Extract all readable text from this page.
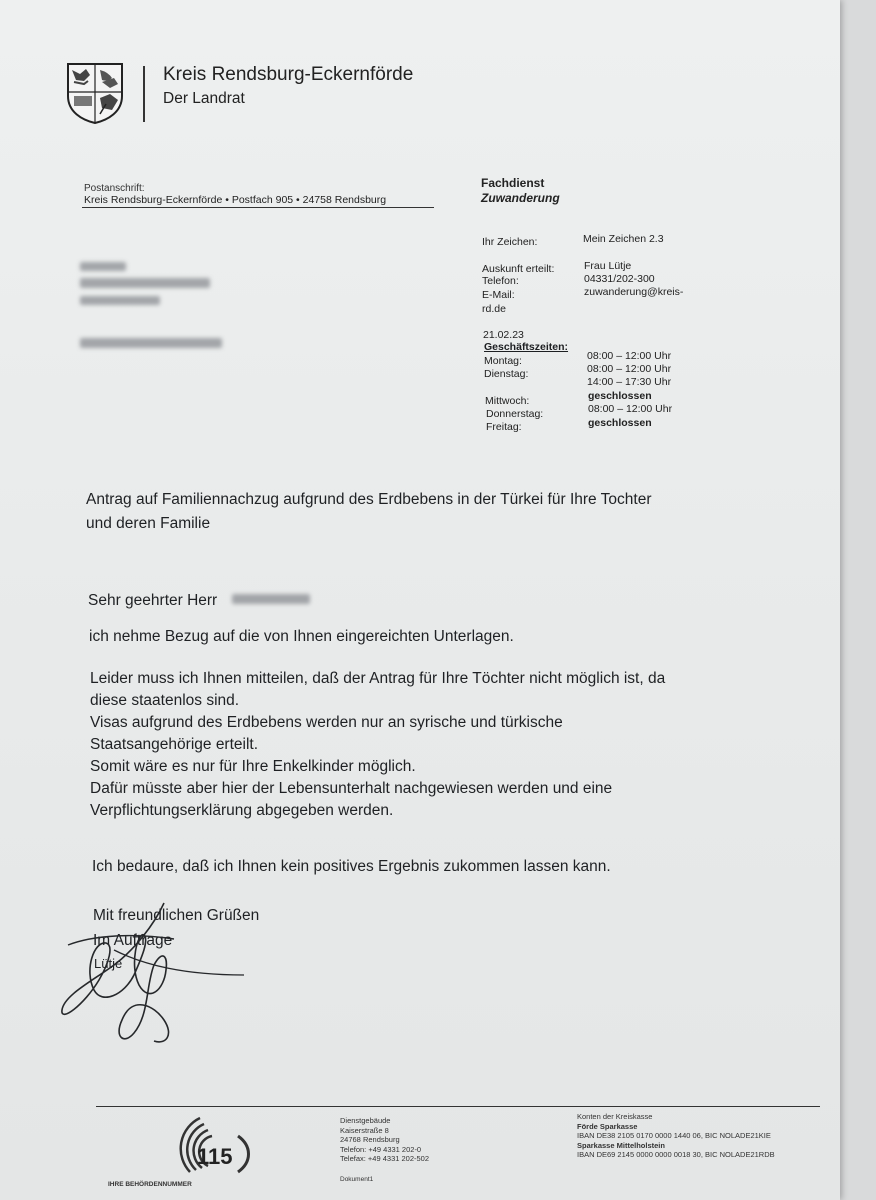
Kreis Rendsburg-Eckernförde
Der Landrat
Postanschrift:
Kreis Rendsburg-Eckernförde • Postfach 905 • 24758 Rendsburg
Fachdienst
Zuwanderung
Ihr Zeichen:	Mein Zeichen 2.3
Auskunft erteilt:	Frau Lütje
Telefon:	04331/202-300
E-Mail:	zuwanderung@kreis-
rd.de
21.02.23
Geschäftszeiten:
Montag:	08:00 – 12:00 Uhr
Dienstag:	08:00 – 12:00 Uhr
14:00 – 17:30 Uhr
Mittwoch:	geschlossen
Donnerstag:	08:00 – 12:00 Uhr
Freitag:	geschlossen
Antrag auf Familiennachzug aufgrund des Erdbebens in der Türkei für Ihre Tochter
und deren Familie
Sehr geehrter Herr
ich nehme Bezug auf die von Ihnen eingereichten Unterlagen.
Leider muss ich Ihnen mitteilen, daß der Antrag für Ihre Töchter nicht möglich ist, da
diese staatenlos sind.
Visas aufgrund des Erdbebens werden nur an syrische und türkische
Staatsangehörige erteilt.
Somit wäre es nur für Ihre Enkelkinder möglich.
Dafür müsste aber hier der Lebensunterhalt nachgewiesen werden und eine
Verpflichtungserklärung abgegeben werden.
Ich bedaure, daß ich Ihnen kein positives Ergebnis zukommen lassen kann.
Mit freundlichen Grüßen
Im Auftrage
Lütje
115
IHRE BEHÖRDENNUMMER
Dienstgebäude
Kaiserstraße 8
24768 Rendsburg
Telefon: +49 4331 202-0
Telefax: +49 4331 202-502
Dokument1
Konten der Kreiskasse
Förde Sparkasse
IBAN DE38 2105 0170 0000 1440 06, BIC NOLADE21KIE
Sparkasse Mittelholstein
IBAN DE69 2145 0000 0000 0018 30, BIC NOLADE21RDB
